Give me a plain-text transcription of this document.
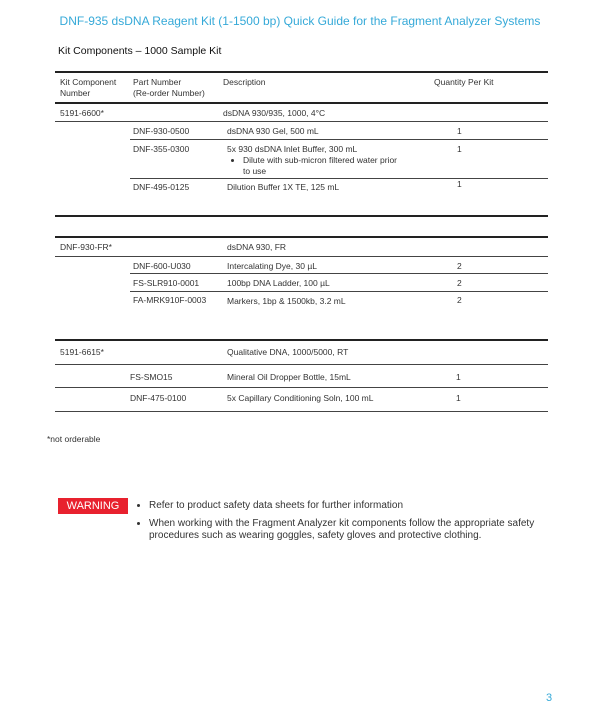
DNF-935 dsDNA Reagent Kit (1-1500 bp) Quick Guide for the Fragment Analyzer Systems
Kit Components – 1000 Sample Kit
Kit Component
Number
Part Number
(Re-order Number)
Description	Quantity Per Kit
5191-6600*	dsDNA 930/935, 1000, 4°C
DNF-930-0500	dsDNA 930 Gel, 500 mL	1
DNF-355-0300	5x 930 dsDNA Inlet Buffer, 300 mL
• Dilute with sub-micron filtered water prior
to use
1
DNF-495-0125	Dilution Buffer 1X TE, 125 mL	1
DNF-930-FR*	dsDNA 930, FR
DNF-600-U030	Intercalating Dye, 30 µL	2
FS-SLR910-0001	100bp DNA Ladder, 100 µL	2
FA-MRK910F-0003 Markers, 1bp & 1500kb, 3.2 mL	2
5191-6615*	Qualitative DNA, 1000/5000, RT
FS-SMO15	Mineral Oil Dropper Bottle, 15mL	1
DNF-475-0100	5x Capillary Conditioning Soln, 100 mL	1
*not orderable
WARNING
•	Refer to product safety data sheets for further information
• When working with the Fragment Analyzer kit components follow the appropriate safety
procedures such as wearing goggles, safety gloves and protective clothing.
3
